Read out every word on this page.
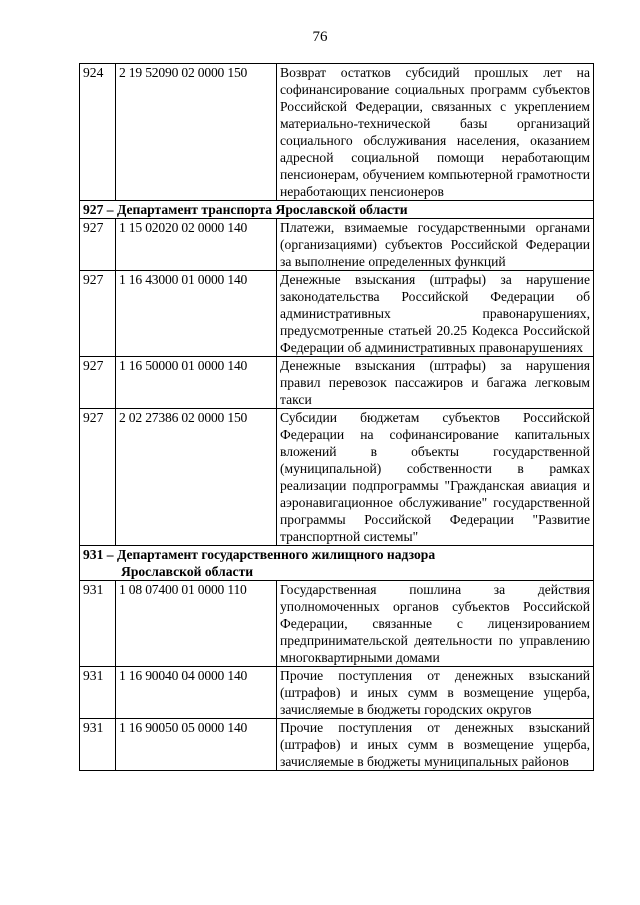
76
924	2 19 52090 02 0000 150	Возврат остатков субсидий прошлых лет на софинансирование социальных программ субъектов Российской Федерации, связанных с укреплением материально-технической базы организаций социального обслуживания населения, оказанием адресной социальной помощи неработающим пенсионерам, обучением компьютерной грамотности неработающих пенсионеров
927 – Департамент транспорта Ярославской области		
927	1 15 02020 02 0000 140	Платежи, взимаемые государственными органами (организациями) субъектов Российской Федерации за выполнение определенных функций
927	1 16 43000 01 0000 140	Денежные взыскания (штрафы) за нарушение законодательства Российской Федерации об административных правонарушениях, предусмотренные статьей 20.25 Кодекса Российской Федерации об административных правонарушениях
927	1 16 50000 01 0000 140	Денежные взыскания (штрафы) за нарушения правил перевозок пассажиров и багажа легковым такси
927	2 02 27386 02 0000 150	Субсидии бюджетам субъектов Российской Федерации на софинансирование капитальных вложений в объекты государственной (муниципальной) собственности в рамках реализации подпрограммы "Гражданская авиация и аэронавигационное обслуживание" государственной программы Российской Федерации "Развитие транспортной системы"
931 – Департамент государственного жилищного надзора
Ярославской области		

931	1 08 07400 01 0000 110	Государственная пошлина за действия уполномоченных органов субъектов Российской Федерации, связанные с лицензированием предпринимательской деятельности по управлению многоквартирными домами
931	1 16 90040 04 0000 140	Прочие поступления от денежных взысканий (штрафов) и иных сумм в возмещение ущерба, зачисляемые в бюджеты городских округов
931	1 16 90050 05 0000 140	Прочие поступления от денежных взысканий (штрафов) и иных сумм в возмещение ущерба, зачисляемые в бюджеты муниципальных районов
